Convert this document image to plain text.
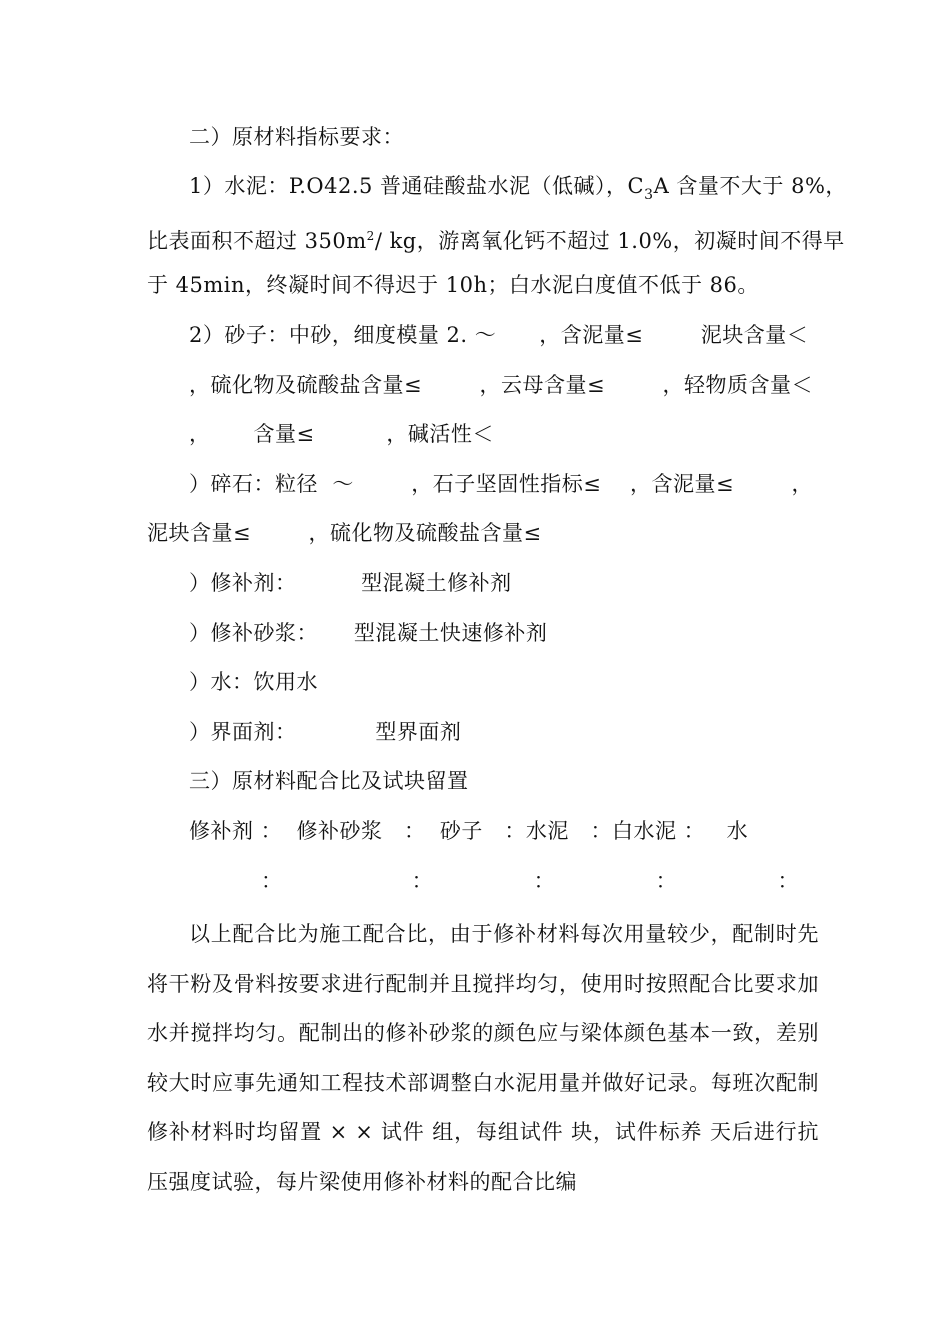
二）原材料指标要求：
1）水泥：P.O42.5 普通硅酸盐水泥（低碱），$C_3A$ 含量不大于 8%，
比表面积不超过 $350m^2/$ kg，游离氧化钙不超过 1.0%，初凝时间不得早
于 45min，终凝时间不得迟于 10h；白水泥白度值不低于 86。
2）砂子：中砂，细度模量 2. ～      ，含泥量≤        泥块含量＜
，硫化物及硫酸盐含量≤        ，云母含量≤        ，轻物质含量＜
，      含量≤          ，碱活性＜
）碎石：粒径  ～        ，石子坚固性指标≤    ，含泥量≤        ，
泥块含量≤        ，硫化物及硫酸盐含量≤
）修补剂：         型混凝土修补剂
）修补砂浆：     型混凝土快速修补剂
）水：饮用水
）界面剂：           型界面剂
三）原材料配合比及试块留置
修补剂 ：  修补砂浆   ：  砂子   ：水泥   ：白水泥 ：   水
：                  ：              ：              ：              ：
以上配合比为施工配合比，由于修补材料每次用量较少，配制时先将干粉及骨料按要求进行配制并且搅拌均匀，使用时按照配合比要求加水并搅拌均匀。配制出的修补砂浆的颜色应与梁体颜色基本一致，差别较大时应事先通知工程技术部调整白水泥用量并做好记录。每班次配制修补材料时均留置 × × 试件 组，每组试件 块，试件标养 天后进行抗压强度试验，每片梁使用修补材料的配合比编
